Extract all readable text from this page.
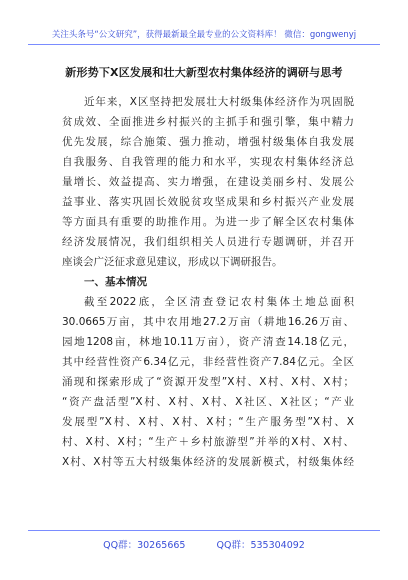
关注头条号“公文研究”，获得最新最全最专业的公文资料库！ 微信：gongwenyj
新形势下X区发展和壮大新型农村集体经济的调研与思考
近年来，X区坚持把发展壮大村级集体经济作为巩固脱
贫成效、全面推进乡村振兴的主抓手和强引擎，集中精力
优先发展，综合施策、强力推动，增强村级集体自我发展
自我服务、自我管理的能力和水平，实现农村集体经济总
量增长、效益提高、实力增强，在建设美丽乡村、发展公
益事业、落实巩固长效脱贫攻坚成果和乡村振兴产业发展
等方面具有重要的助推作用。为进一步了解全区农村集体
经济发展情况，我们组织相关人员进行专题调研，并召开
座谈会广泛征求意见建议，形成以下调研报告。
一、基本情况
截至2022底，全区清查登记农村集体土地总面积
30.0665万亩，其中农用地27.2万亩（耕地16.26万亩、
园地1208亩，林地10.11万亩），资产清查14.18亿元，
其中经营性资产6.34亿元，非经营性资产7.84亿元。全区
涌现和探索形成了“资源开发型”X村、X村、X村、X村；
“资产盘活型”X村、X村、X村、X社区、X社区；“产业
发展型”X村、X村、X村、X村；“生产服务型”X村、X
村、X村、X村；“生产＋乡村旅游型”并举的X村、X村、
X村、X村等五大村级集体经济的发展新模式，村级集体经
QQ群：30265665	QQ群：535304092
